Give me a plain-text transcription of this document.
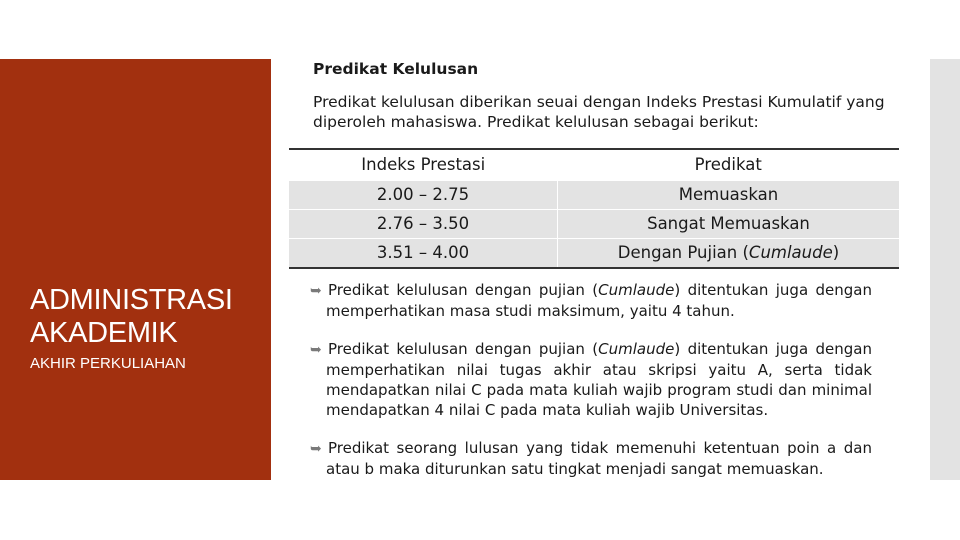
ADMINISTRASI AKADEMIK

AKHIR PERKULIAHAN

Predikat Kelulusan

Predikat kelulusan diberikan seuai dengan Indeks Prestasi Kumulatif yang diperoleh mahasiswa. Predikat kelulusan sebagai berikut:

Indeks Prestasi	Predikat
2.00 – 2.75	Memuaskan
2.76 – 3.50	Sangat Memuaskan
3.51 – 4.00	Dengan Pujian (Cumlaude)
➥ Predikat kelulusan dengan pujian (Cumlaude) ditentukan juga dengan memperhatikan masa studi maksimum, yaitu 4 tahun.
➥ Predikat kelulusan dengan pujian (Cumlaude) ditentukan juga dengan memperhatikan nilai tugas akhir atau skripsi yaitu A, serta tidak mendapatkan nilai C pada mata kuliah wajib program studi dan minimal mendapatkan 4 nilai C pada mata kuliah wajib Universitas.
➥ Predikat seorang lulusan yang tidak memenuhi ketentuan poin a dan atau b maka diturunkan satu tingkat menjadi sangat memuaskan.
